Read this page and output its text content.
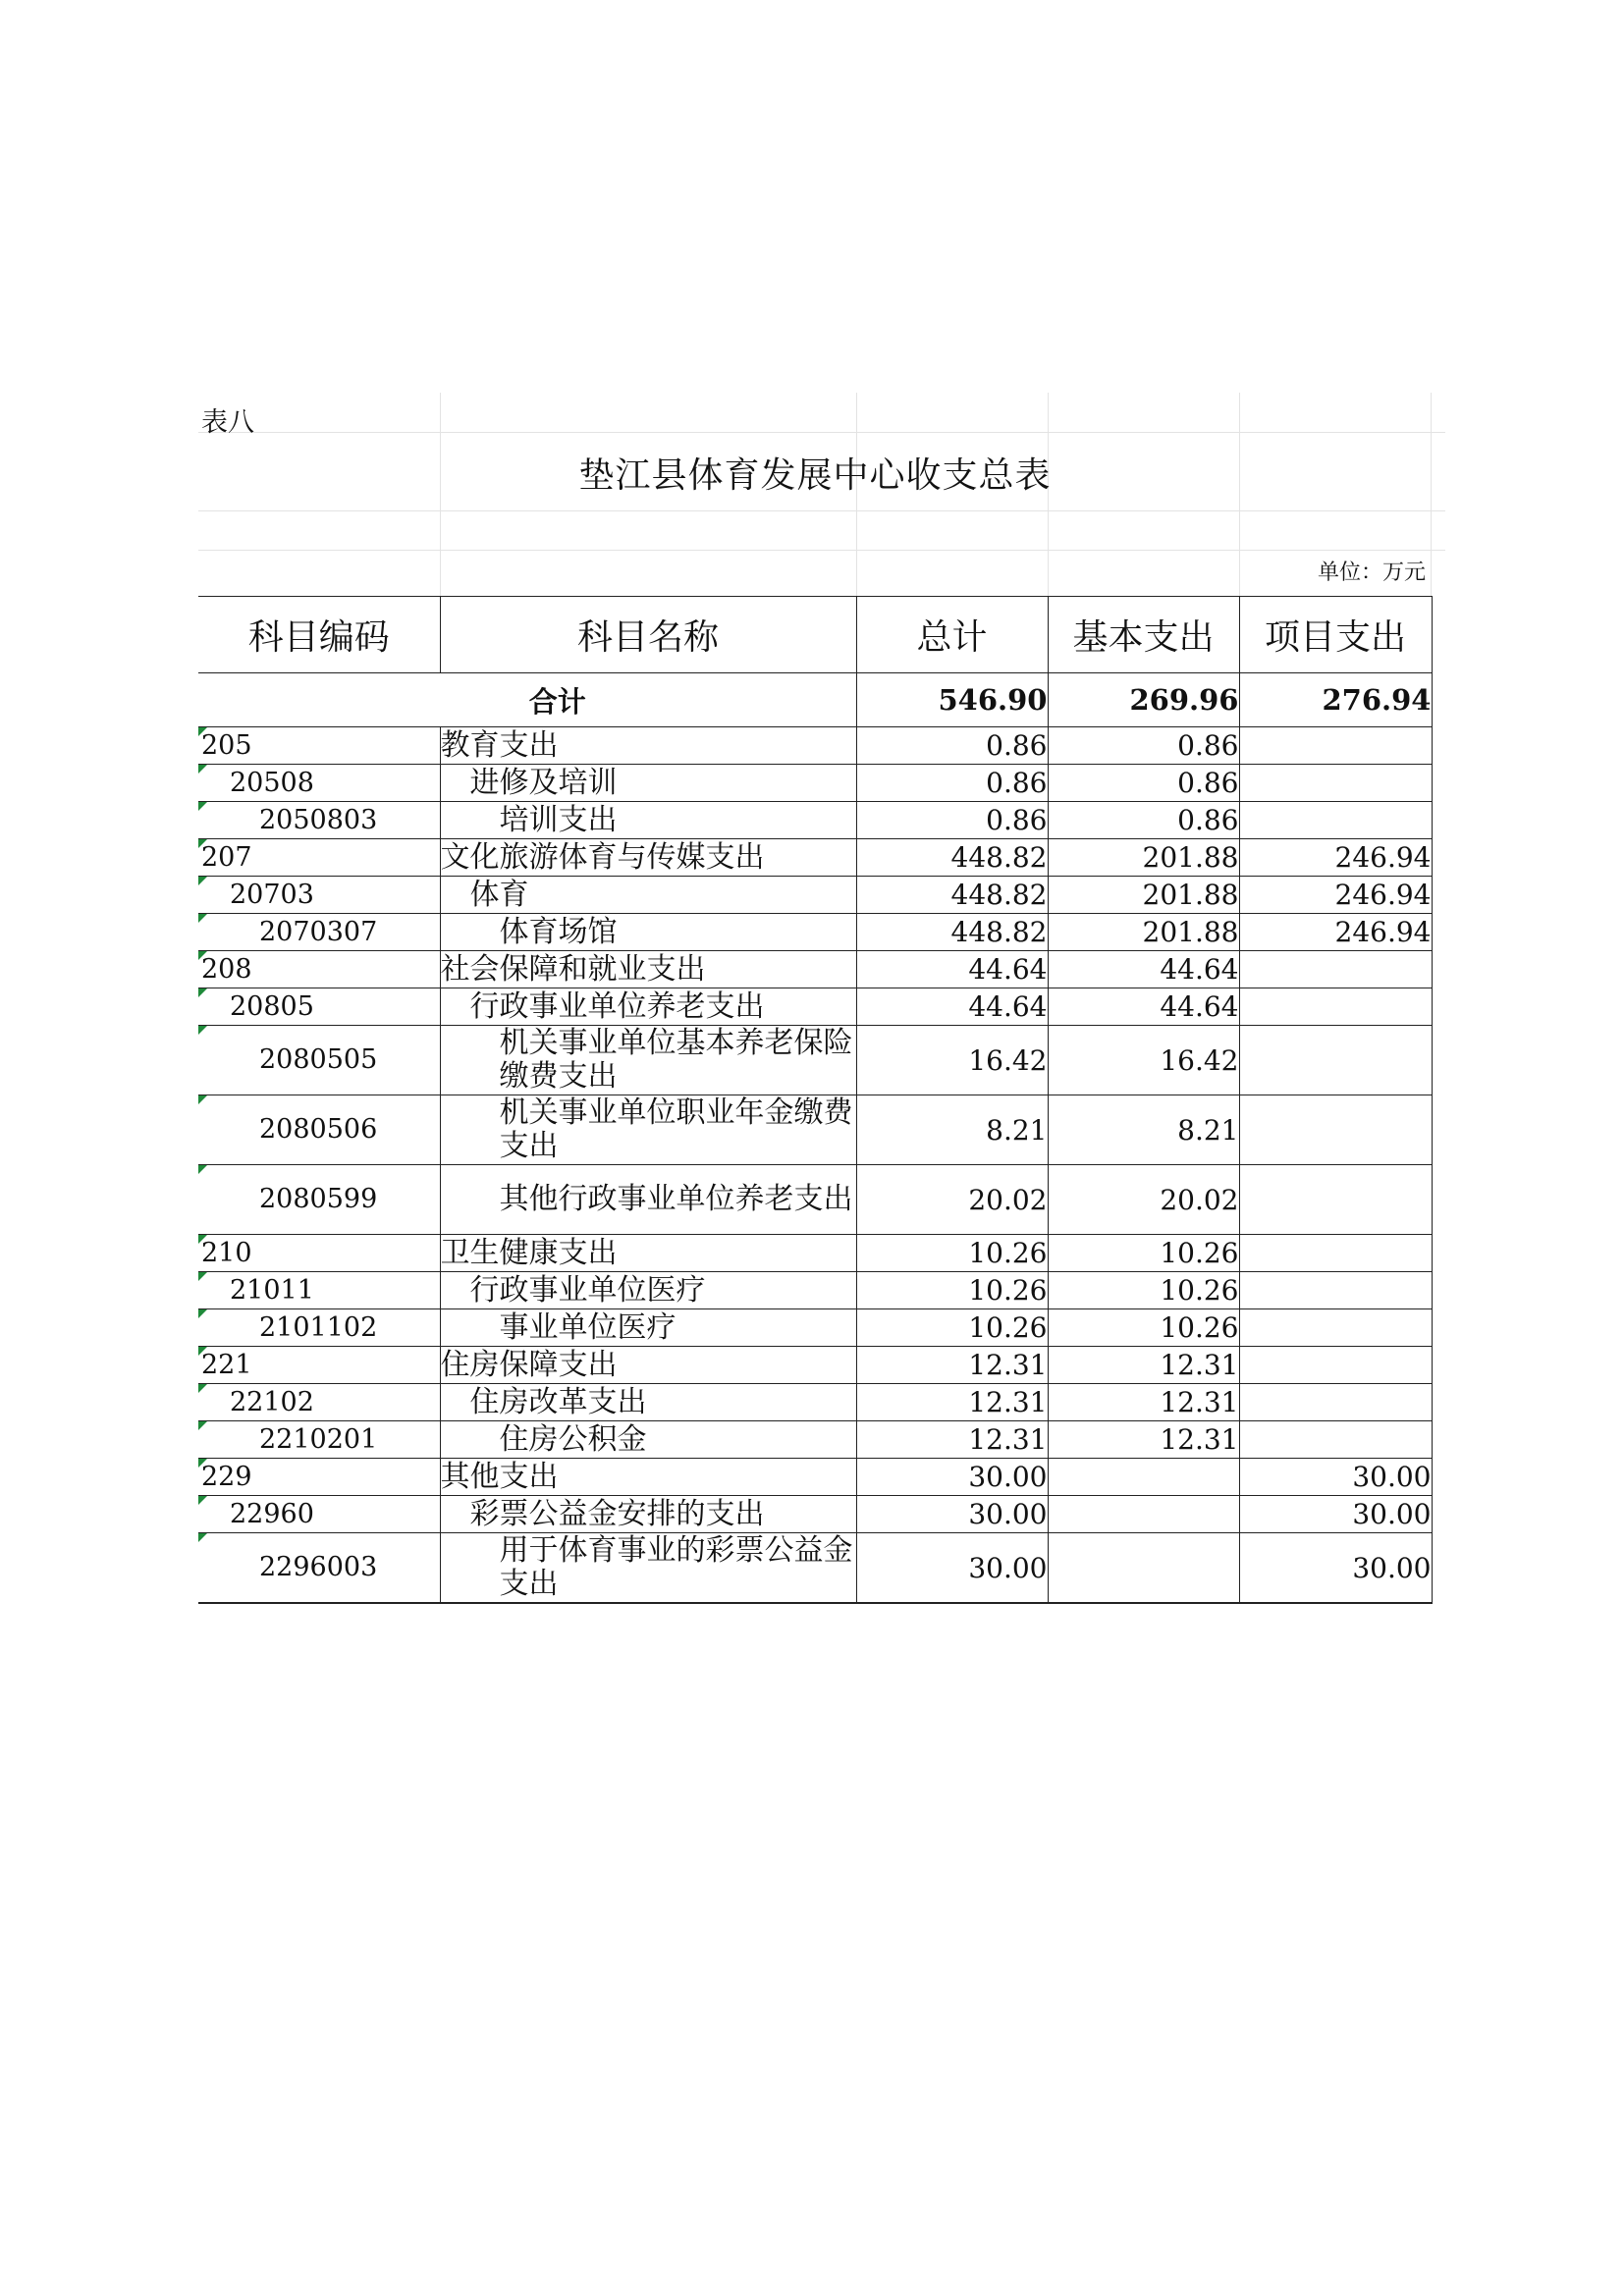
表八
垫江县体育发展中心收支总表
单位：万元
科目编码	科目名称	总计	基本支出	项目支出
合计		546.90	269.96	276.94
205	教育支出	0.86	0.86	
20508	进修及培训	0.86	0.86	
2050803	培训支出	0.86	0.86	
207	文化旅游体育与传媒支出	448.82	201.88	246.94
20703	体育	448.82	201.88	246.94
2070307	体育场馆	448.82	201.88	246.94
208	社会保障和就业支出	44.64	44.64	
20805	行政事业单位养老支出	44.64	44.64	
2080505	机关事业单位基本养老保险缴费支出	16.42	16.42	
2080506	机关事业单位职业年金缴费支出	8.21	8.21	
2080599	其他行政事业单位养老支出	20.02	20.02	
210	卫生健康支出	10.26	10.26	
21011	行政事业单位医疗	10.26	10.26	
2101102	事业单位医疗	10.26	10.26	
221	住房保障支出	12.31	12.31	
22102	住房改革支出	12.31	12.31	
2210201	住房公积金	12.31	12.31	
229	其他支出	30.00		30.00
22960	彩票公益金安排的支出	30.00		30.00
2296003	用于体育事业的彩票公益金支出	30.00		30.00
